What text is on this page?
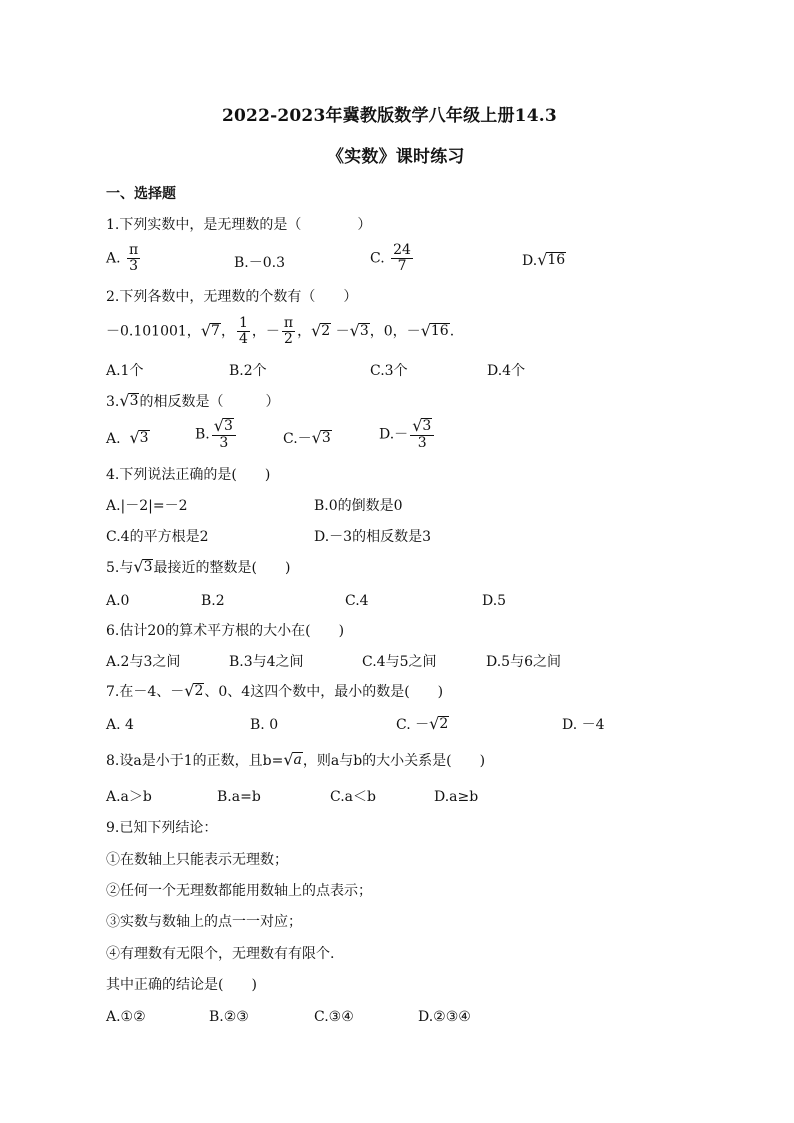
2022-2023年冀教版数学八年级上册14.3
《实数》课时练习
一、选择题
1.下列实数中，是无理数的是（　　　　）
A. $\frac{\pi}{3}$	B.－0.3	C. $\frac{24}{7}$	D. √ 16
2.下列各数中，无理数的个数有（　　）
－0.101001， √ 7 ， $\frac{1}{4}$ ，－ $\frac{\pi}{2}$ ， √ 2 － √ 3 ，0，－ √ 16 .
A.1个	B.2个	C.3个	D.4个
3. √ 3 的相反数是（　　　）
A. √ 3	B. $\frac{√ 3}{3}$	C.－ √ 3	$D.- \frac{√ 3}{3}$
4.下列说法正确的是(　　)
A.|－2|=－2	B.0的倒数是0
C.4的平方根是2	D.－3的相反数是3
5.与 √ 3 最接近的整数是(　　)
A.0	B.2	C.4	D.5
6.估计20的算术平方根的大小在(　　)
A.2与3之间	B.3与4之间	C.4与5之间	D.5与6之间
7.在－4、－ √ 2 、0、4这四个数中，最小的数是(　　)
A. 4	B. 0	C. － √ 2	D. －4
8.设a是小于1的正数，且b= √ a ，则a与b的大小关系是(　　)
A.a＞b	B.a=b	C.a＜b	D.a≥b
9.已知下列结论：
①在数轴上只能表示无理数；
②任何一个无理数都能用数轴上的点表示；
③实数与数轴上的点一一对应；
④有理数有无限个，无理数有有限个.
其中正确的结论是(　　)
A.①②	B.②③	C.③④	D.②③④
